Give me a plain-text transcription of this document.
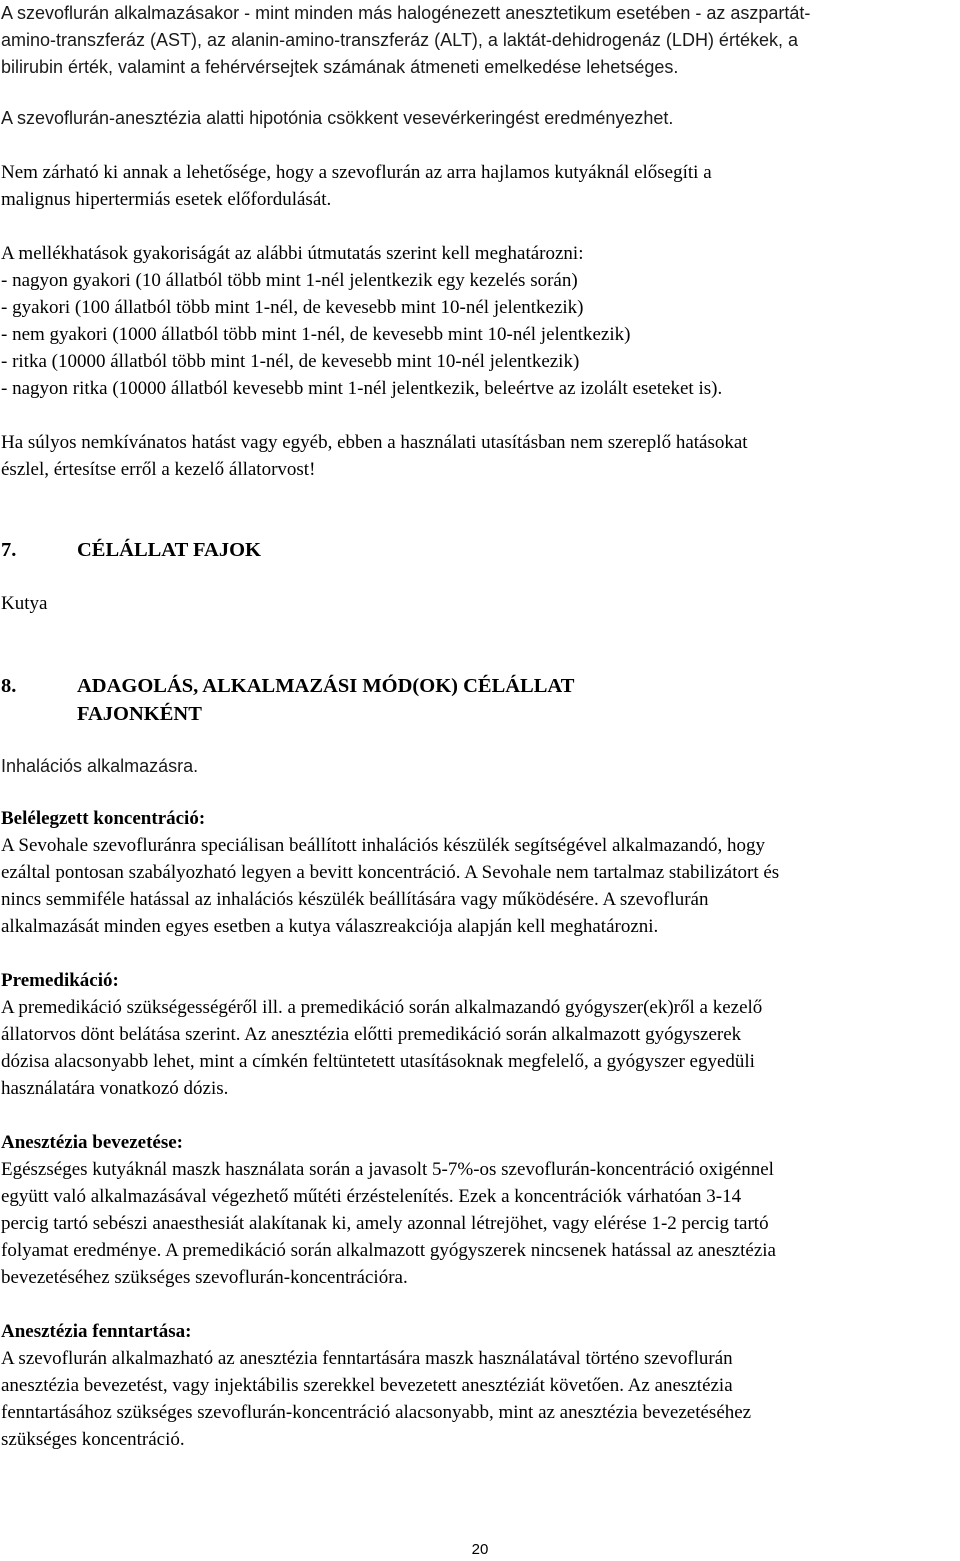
A szevoflurán alkalmazásakor - mint minden más halogénezett anesztetikum esetében - az aszpartát-
amino-transzferáz (AST), az alanin-amino-transzferáz (ALT), a laktát-dehidrogenáz (LDH) értékek, a
bilirubin érték, valamint a fehérvérsejtek számának átmeneti emelkedése lehetséges.
A szevoflurán-anesztézia alatti hipotónia csökkent vesevérkeringést eredményezhet.
Nem zárható ki annak a lehetősége, hogy a szevoflurán az arra hajlamos kutyáknál elősegíti a
malignus hipertermiás esetek előfordulását.
A mellékhatások gyakoriságát az alábbi útmutatás szerint kell meghatározni:
- nagyon gyakori (10 állatból több mint 1-nél jelentkezik egy kezelés során)
- gyakori (100 állatból több mint 1-nél, de kevesebb mint 10-nél jelentkezik)
- nem gyakori (1000 állatból több mint 1-nél, de kevesebb mint 10-nél jelentkezik)
- ritka (10000 állatból több mint 1-nél, de kevesebb mint 10-nél jelentkezik)
- nagyon ritka (10000 állatból kevesebb mint 1-nél jelentkezik, beleértve az izolált eseteket is).
Ha súlyos nemkívánatos hatást vagy egyéb, ebben a használati utasításban nem szereplő hatásokat
észlel, értesítse erről a kezelő állatorvost!
7.	CÉLÁLLAT FAJOK
Kutya
8.	ADAGOLÁS, ALKALMAZÁSI MÓD(OK) CÉLÁLLAT
FAJONKÉNT
Inhalációs alkalmazásra.
Belélegzett koncentráció:
A Sevohale szevofluránra speciálisan beállított inhalációs készülék segítségével alkalmazandó, hogy
ezáltal pontosan szabályozható legyen a bevitt koncentráció. A Sevohale nem tartalmaz stabilizátort és
nincs semmiféle hatással az inhalációs készülék beállítására vagy működésére. A szevoflurán
alkalmazását minden egyes esetben a kutya válaszreakciója alapján kell meghatározni.
Premedikáció:
A premedikáció szükségességéről ill. a premedikáció során alkalmazandó gyógyszer(ek)ről a kezelő
állatorvos dönt belátása szerint. Az anesztézia előtti premedikáció során alkalmazott gyógyszerek
dózisa alacsonyabb lehet, mint a címkén feltüntetett utasításoknak megfelelő, a gyógyszer egyedüli
használatára vonatkozó dózis.
Anesztézia bevezetése:
Egészséges kutyáknál maszk használata során a javasolt 5-7%-os szevoflurán-koncentráció oxigénnel
együtt való alkalmazásával végezhető műtéti érzéstelenítés. Ezek a koncentrációk várhatóan 3-14
percig tartó sebészi anaesthesiát alakítanak ki, amely azonnal létrejöhet, vagy elérése 1-2 percig tartó
folyamat eredménye. A premedikáció során alkalmazott gyógyszerek nincsenek hatással az anesztézia
bevezetéséhez szükséges szevoflurán-koncentrációra.
Anesztézia fenntartása:
A szevoflurán alkalmazható az anesztézia fenntartására maszk használatával történo szevoflurán
anesztézia bevezetést, vagy injektábilis szerekkel bevezetett anesztéziát követően. Az anesztézia
fenntartásához szükséges szevoflurán-koncentráció alacsonyabb, mint az anesztézia bevezetéséhez
szükséges koncentráció.
20
